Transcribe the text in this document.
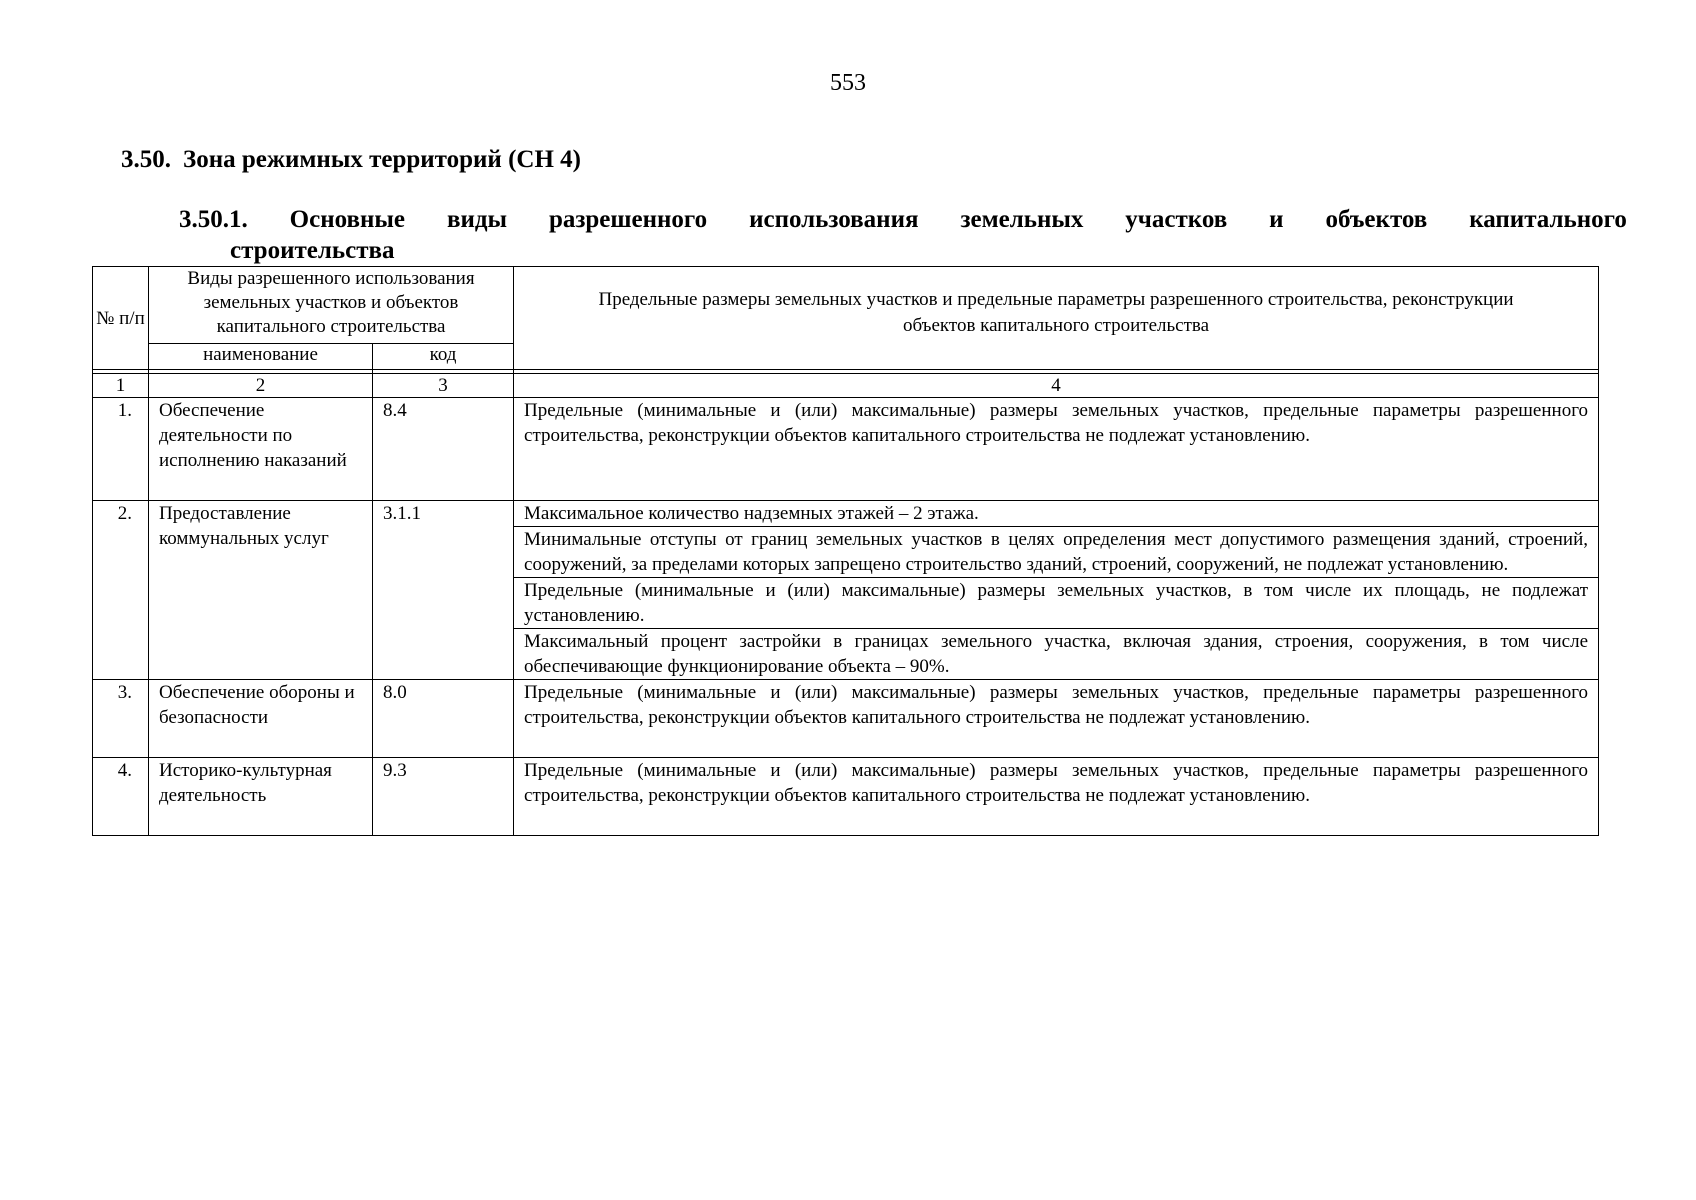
553
3.50. Зона режимных территорий (СН 4)
3.50.1. Основные виды разрешенного использования земельных участков и объектов капитального
строительства
№ п/п	Виды разрешенного использования земельных участков и объектов капитального строительства		Предельные размеры земельных участков и предельные параметры разрешенного строительства, реконструкции объектов капитального строительства
	наименование	код	

1	2	3	4
1.	Обеспечение деятельности по исполнению наказаний	8.4	Предельные (минимальные и (или) максимальные) размеры земельных участков, предельные параметры разрешенного строительства, реконструкции объектов капитального строительства не подлежат установлению.
2.	Предоставление коммунальных услуг	3.1.1	Максимальное количество надземных этажей – 2 этажа.
			Минимальные отступы от границ земельных участков в целях определения мест допустимого размещения зданий, строений, сооружений, за пределами которых запрещено строительство зданий, строений, сооружений, не подлежат установлению.
			Предельные (минимальные и (или) максимальные) размеры земельных участков, в том числе их площадь, не подлежат установлению.
			Максимальный процент застройки в границах земельного участка, включая здания, строения, сооружения, в том числе обеспечивающие функционирование объекта – 90%.
3.	Обеспечение обороны и безопасности	8.0	Предельные (минимальные и (или) максимальные) размеры земельных участков, предельные параметры разрешенного строительства, реконструкции объектов капитального строительства не подлежат установлению.
4.	Историко-культурная деятельность	9.3	Предельные (минимальные и (или) максимальные) размеры земельных участков, предельные параметры разрешенного строительства, реконструкции объектов капитального строительства не подлежат установлению.
